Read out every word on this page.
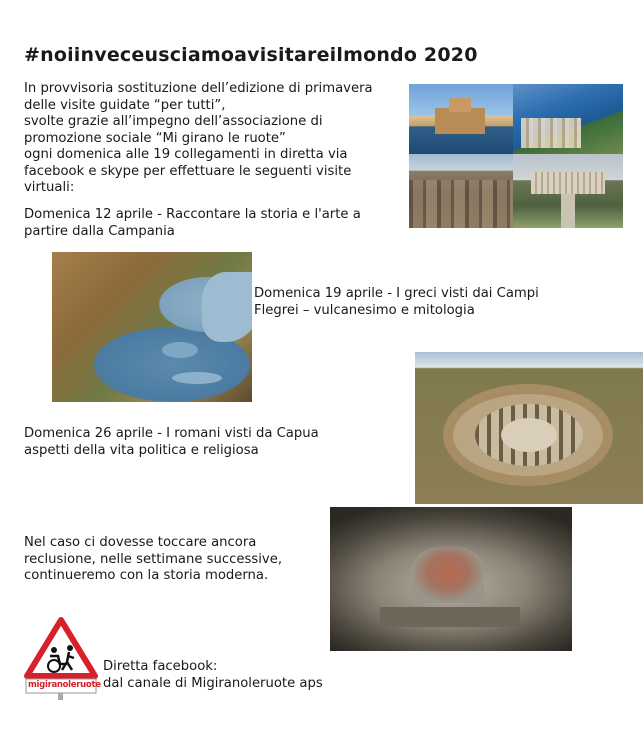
#noiinveceusciamoavisitareilmondo 2020
In provvisoria sostituzione dell’edizione di primavera
delle visite guidate “per tutti”,
svolte grazie all’impegno dell’associazione di
promozione sociale “Mi girano le ruote”
ogni domenica alle 19 collegamenti in diretta via
facebook e skype per effettuare le seguenti visite
virtuali:
Domenica 12 aprile - Raccontare la storia e l'arte a
partire dalla Campania
Domenica 19 aprile - I greci visti dai Campi
Flegrei – vulcanesimo e mitologia
Domenica 26 aprile - I romani visti da Capua
aspetti della vita politica e religiosa
Nel caso ci dovesse toccare ancora
reclusione, nelle settimane successive,
continueremo con la storia moderna.
migiranoleruote
Diretta facebook:
dal canale di Migiranoleruote aps
